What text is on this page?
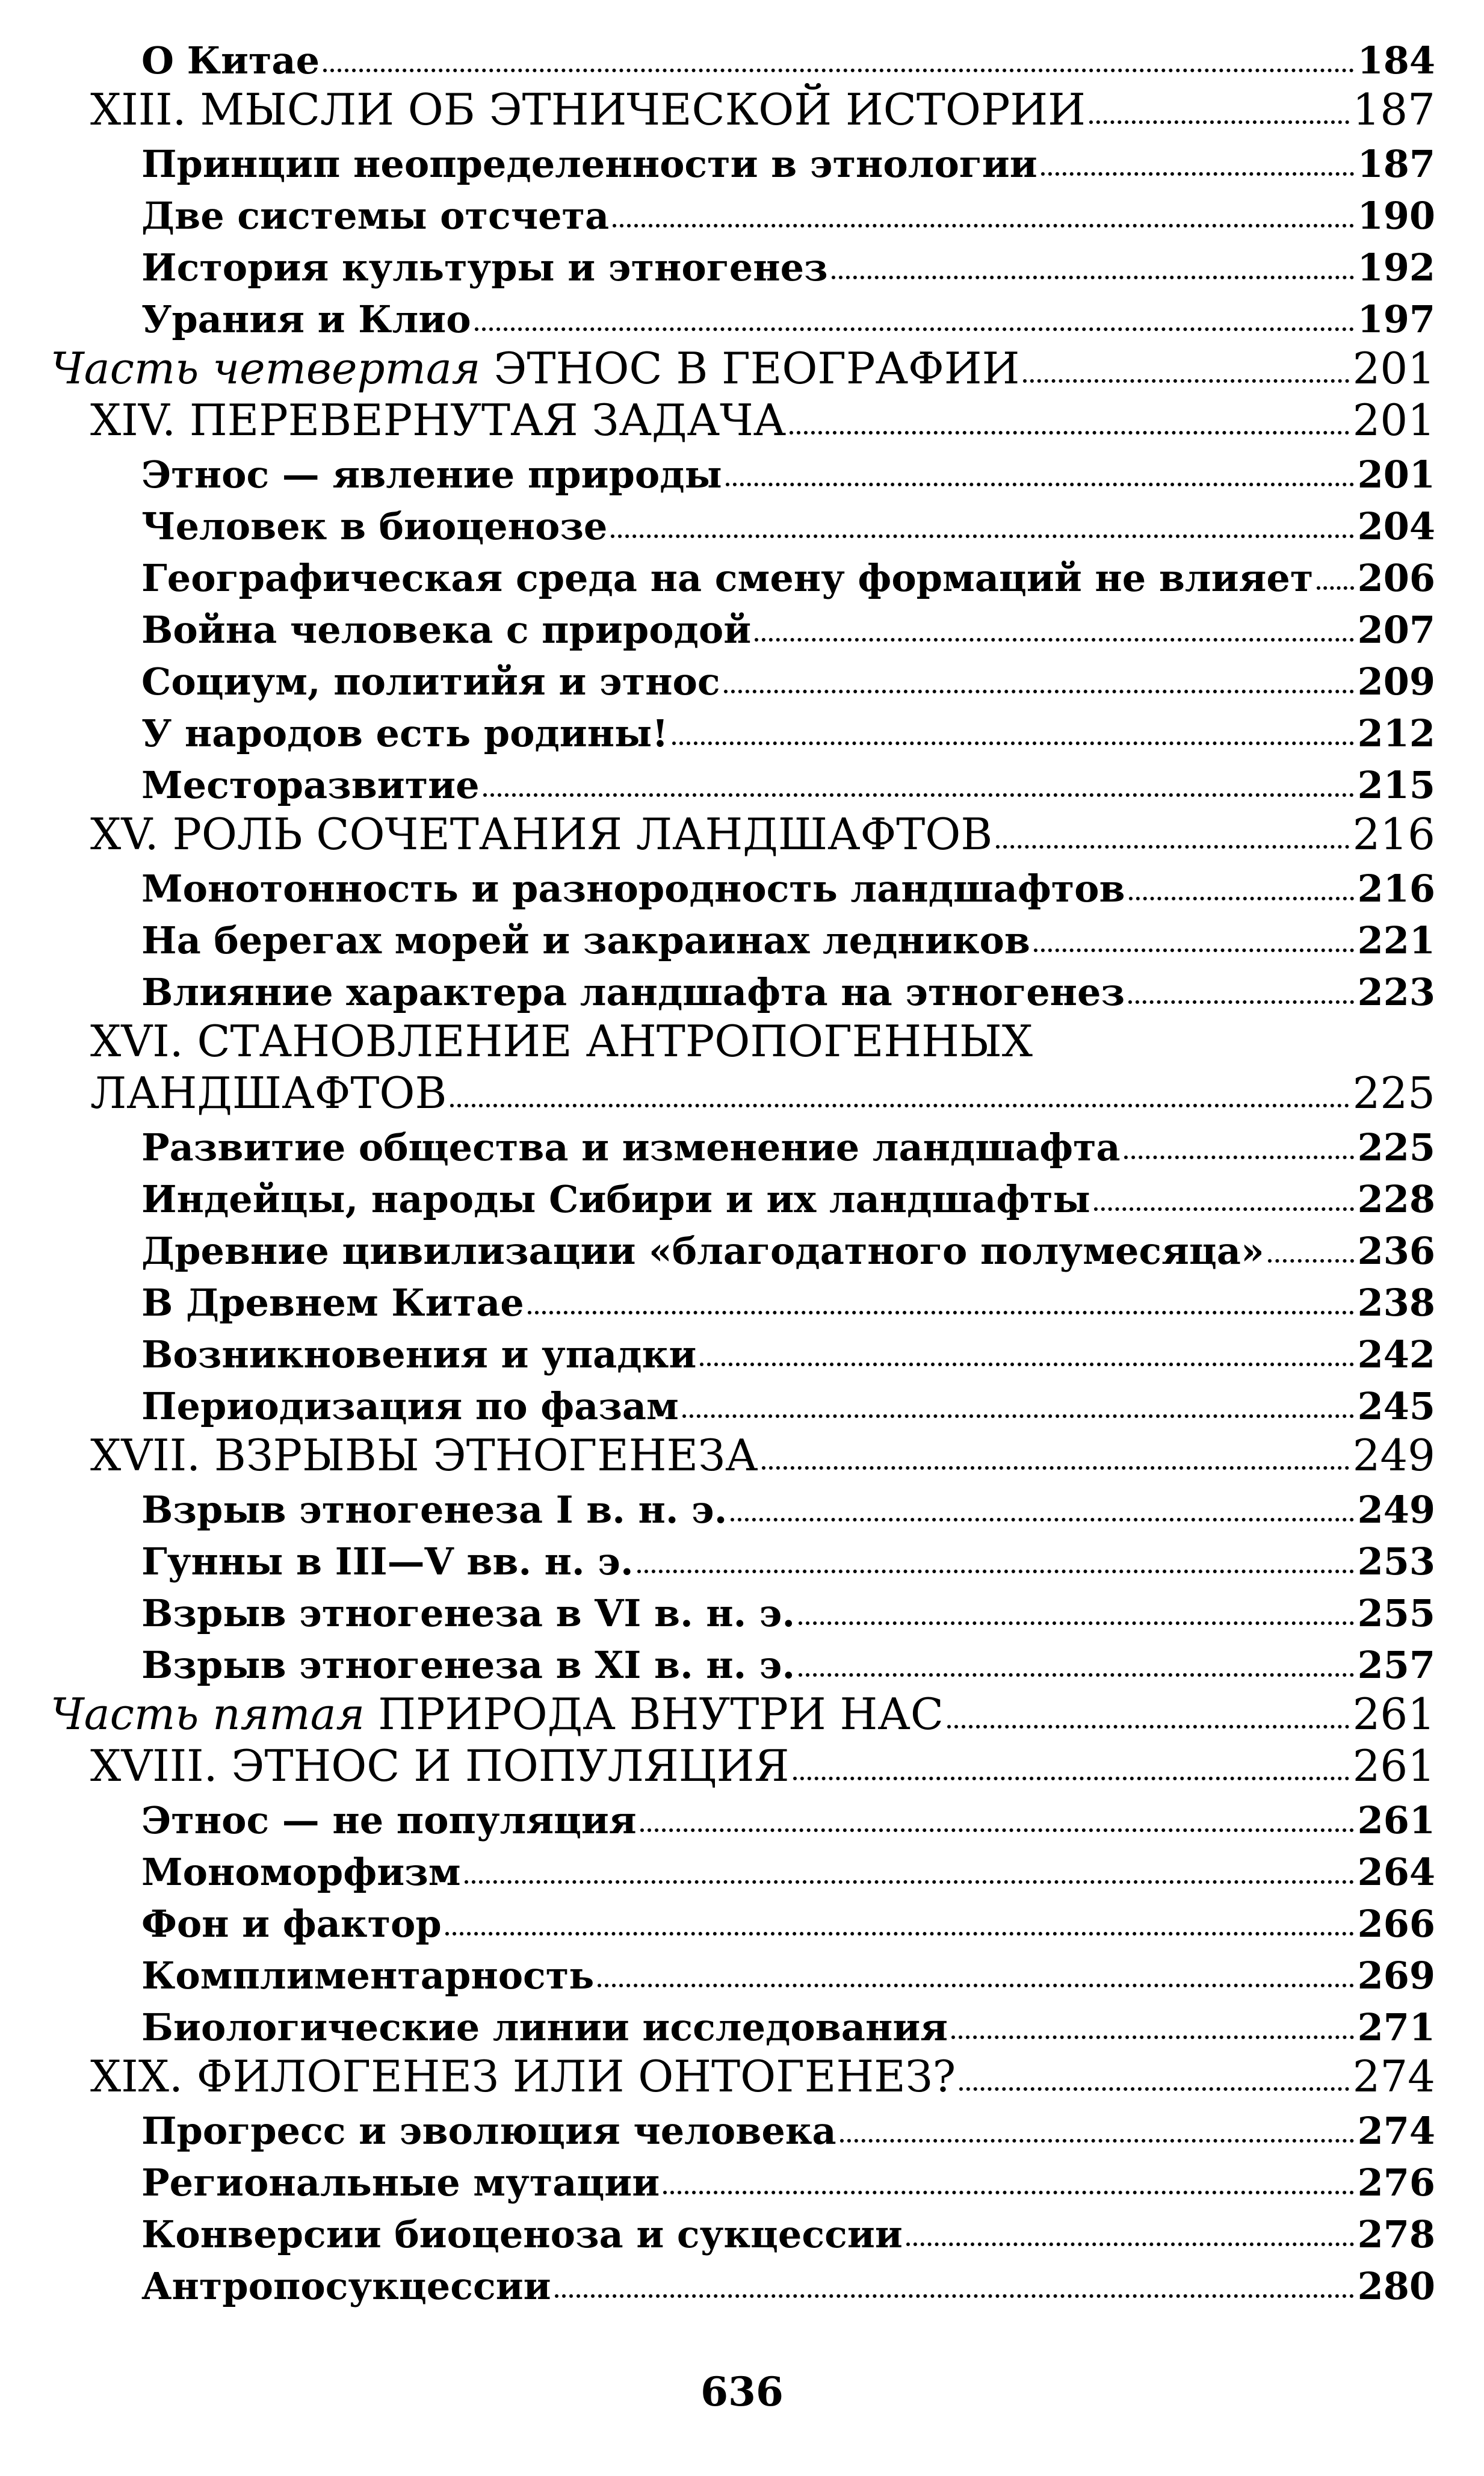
О Китае	184
XIII. МЫСЛИ ОБ ЭТНИЧЕСКОЙ ИСТОРИИ	187
Принцип неопределенности в этнологии	187
Две системы отсчета	190
История культуры и этногенез	192
Урания и Клио	197
Часть четвертая ЭТНОС В ГЕОГРАФИИ	201
XIV. ПЕРЕВЕРНУТАЯ ЗАДАЧА	201
Этнос — явление природы	201
Человек в биоценозе	204
Географическая среда на смену формаций не влияет 206
Война человека с природой	207
Социум, политийя и этнос	209
У народов есть родины!	212
Месторазвитие	215
XV. РОЛЬ СОЧЕТАНИЯ ЛАНДШАФТОВ	216
Монотонность и разнородность ландшафтов	216
На берегах морей и закраинах ледников	221
Влияние характера ландшафта на этногенез	223
XVI. СТАНОВЛЕНИЕ АНТРОПОГЕННЫХ
ЛАНДШАФТОВ	225
Развитие общества и изменение ландшафта	225
Индейцы, народы Сибири и их ландшафты	228
Древние цивилизации «благодатного полумесяца» 236
В Древнем Китае	238
Возникновения и упадки	242
Периодизация по фазам	245
XVII. ВЗРЫВЫ ЭТНОГЕНЕЗА	249
Взрыв этногенеза I в. н. э.	249
Гунны в III—V вв. н. э.	253
Взрыв этногенеза в VI в. н. э.	255
Взрыв этногенеза в XI в. н. э.	257
Часть пятая ПРИРОДА ВНУТРИ НАС	261
XVIII. ЭТНОС И ПОПУЛЯЦИЯ	261
Этнос — не популяция	261
Мономорфизм	264
Фон и фактор	266
Комплиментарность	269
Биологические линии исследования	271
XIX. ФИЛОГЕНЕЗ ИЛИ ОНТОГЕНЕЗ?	274
Прогресс и эволюция человека	274
Региональные мутации	276
Конверсии биоценоза и сукцессии	278
Антропосукцессии	280
636
